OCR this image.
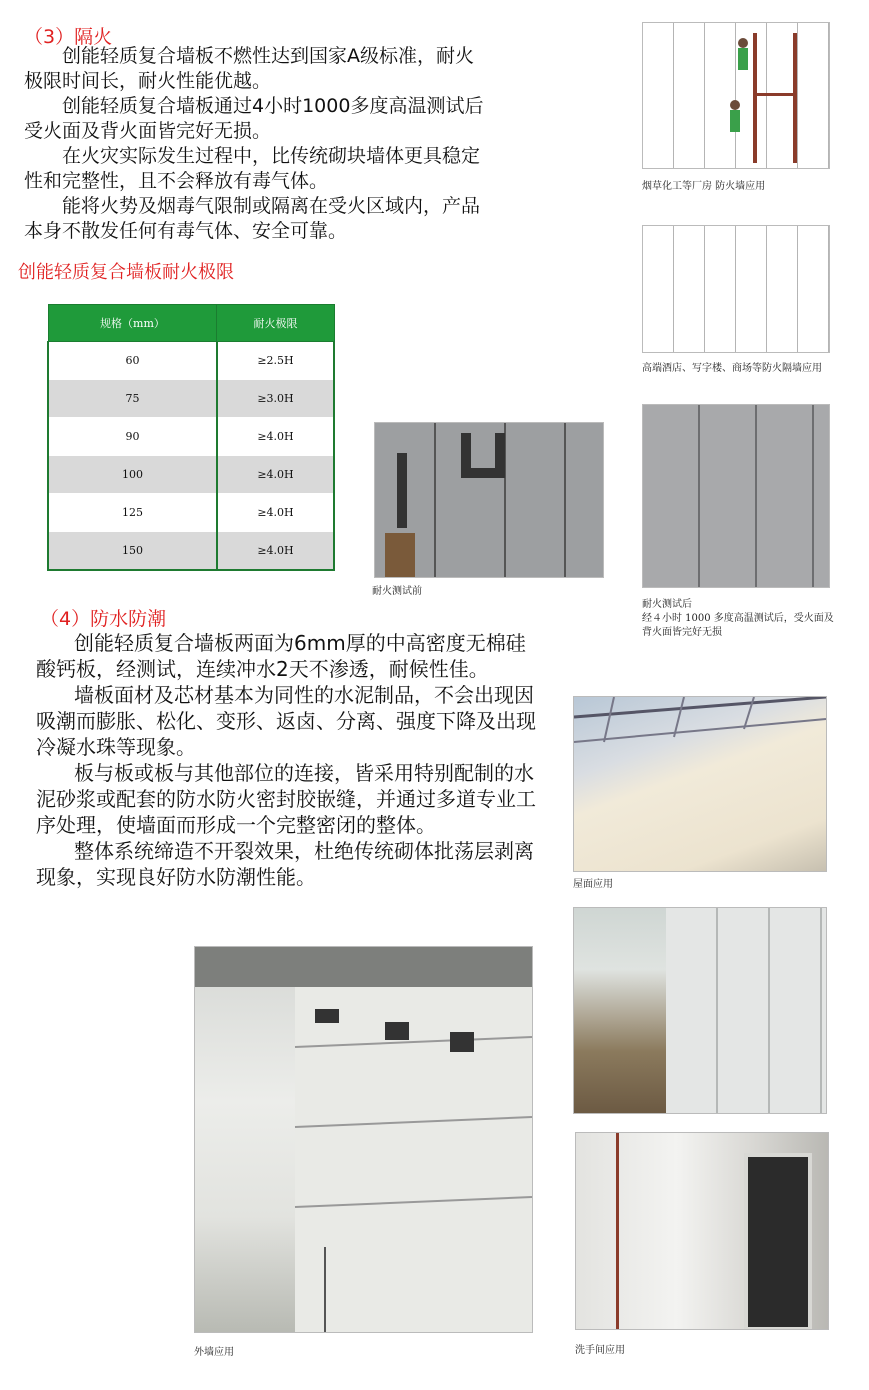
（3）隔火

创能轻质复合墙板不燃性达到国家A级标准，耐火极限时间长，耐火性能优越。

创能轻质复合墙板通过4小时1000多度高温测试后　受火面及背火面皆完好无损。

在火灾实际发生过程中，比传统砌块墙体更具稳定性和完整性，且不会释放有毒气体。

能将火势及烟毒气限制或隔离在受火区域内，产品本身不散发任何有毒气体、安全可靠。

创能轻质复合墙板耐火极限
规格（mm）	耐火极限
60	≥2.5H
75	≥3.0H
90	≥4.0H
100	≥4.0H
125	≥4.0H
150	≥4.0H
烟草化工等厂房 防火墙应用
高端酒店、写字楼、商场等防火隔墙应用
耐火测试后
经４小时 1000 多度高温测试后，受火面及背火面皆完好无损
耐火测试前
（4）防水防潮

创能轻质复合墙板两面为6mm厚的中高密度无棉硅酸钙板，经测试，连续冲水2天不渗透，耐候性佳。

墙板面材及芯材基本为同性的水泥制品，不会出现因吸潮而膨胀、松化、变形、返卤、分离、强度下降及出现冷凝水珠等现象。

板与板或板与其他部位的连接，皆采用特别配制的水泥砂浆或配套的防水防火密封胶嵌缝，并通过多道专业工序处理，使墙面而形成一个完整密闭的整体。

整体系统缔造不开裂效果，杜绝传统砌体批荡层剥离现象，实现良好防水防潮性能。	屋面应用
洗手间应用
外墙应用
